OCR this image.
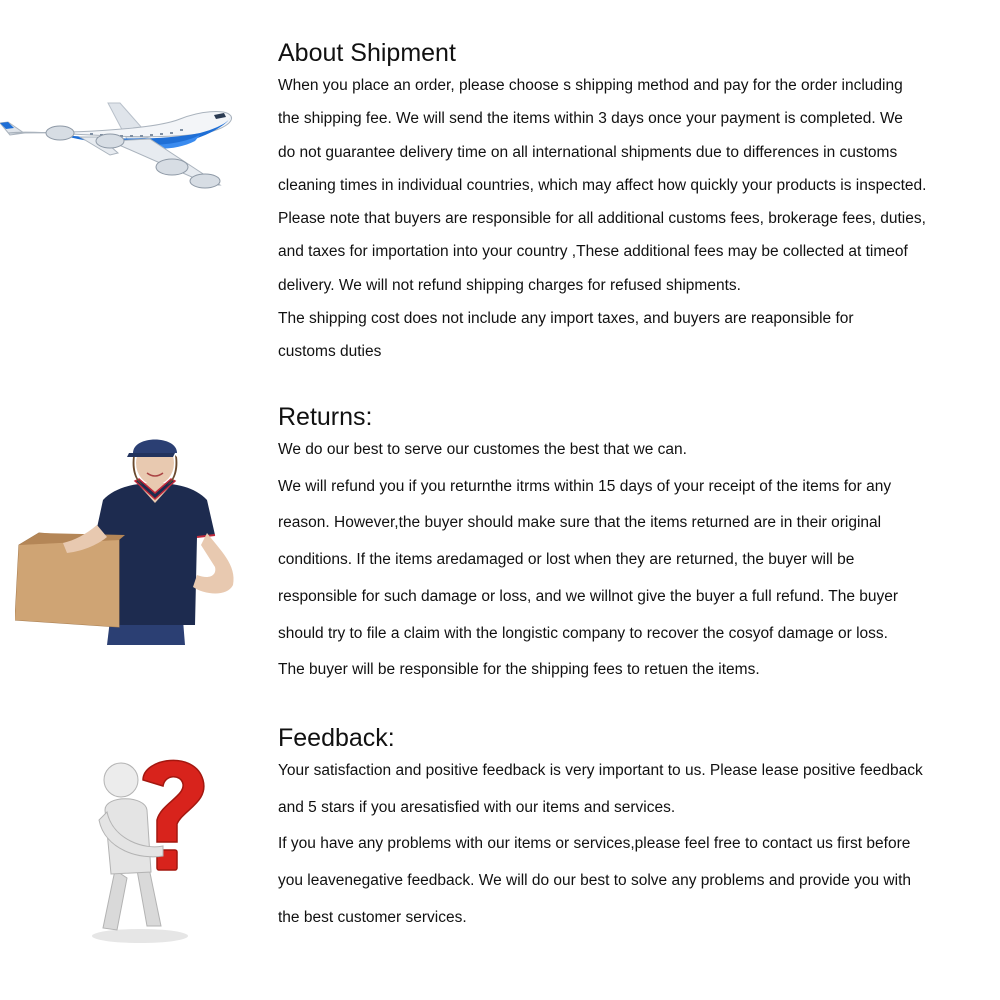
About Shipment
When you place an order, please choose s shipping method and pay for the order including
the shipping fee. We will send the items within 3 days once your payment is completed. We
do not guarantee delivery time on all international shipments due to differences in customs
cleaning times in individual countries, which may affect how quickly your products is inspected.
Please note that buyers are responsible for all additional customs fees, brokerage fees, duties,
and taxes for importation into your country ,These additional fees may be collected at timeof
delivery. We will not refund shipping charges for refused shipments.
The shipping cost does not include any import taxes, and buyers are reaponsible for
customs duties
Returns:
We do our best to serve our customes the best that we can.
We will refund you if you returnthe itrms within 15 days of your receipt of the items for any
reason. However,the buyer should make sure that the items returned are in their original
conditions. If the items aredamaged or lost when they are returned, the buyer will be
responsible for such damage or loss, and we willnot give the buyer a full refund. The buyer
should try to file a claim with the longistic company to recover the cosyof damage or loss.
The buyer will be responsible for the shipping fees to retuen the items.
Feedback:
Your satisfaction and positive feedback is very important to us. Please lease positive feedback
and 5 stars if you aresatisfied with our items and services.
If you have any problems with our items or services,please feel free to contact us first before
you leavenegative feedback. We will do our best to solve any problems and provide you with
the best customer services.
